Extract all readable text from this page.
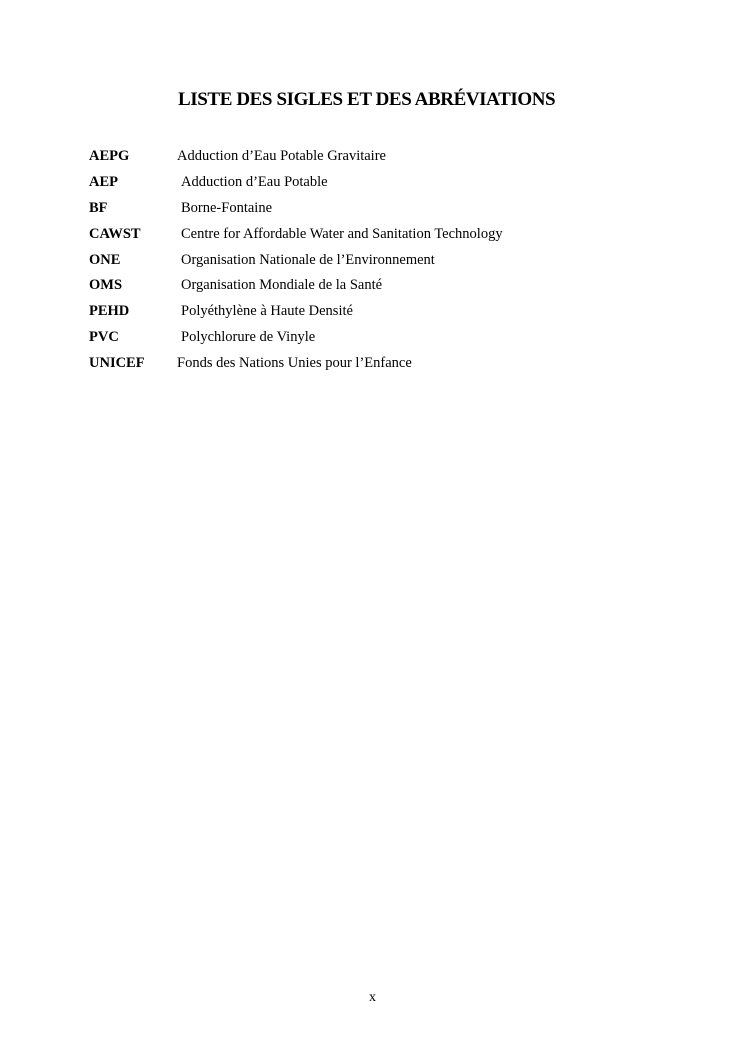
LISTE DES SIGLES ET DES ABRÉVIATIONS
AEPG	Adduction d’Eau Potable Gravitaire
AEP	Adduction d’Eau Potable
BF	Borne-Fontaine
CAWST	Centre for Affordable Water and Sanitation Technology
ONE	Organisation Nationale de l’Environnement
OMS	Organisation Mondiale de la Santé
PEHD	Polyéthylène à Haute Densité
PVC	Polychlorure de Vinyle
UNICEF	Fonds des Nations Unies pour l’Enfance
x
